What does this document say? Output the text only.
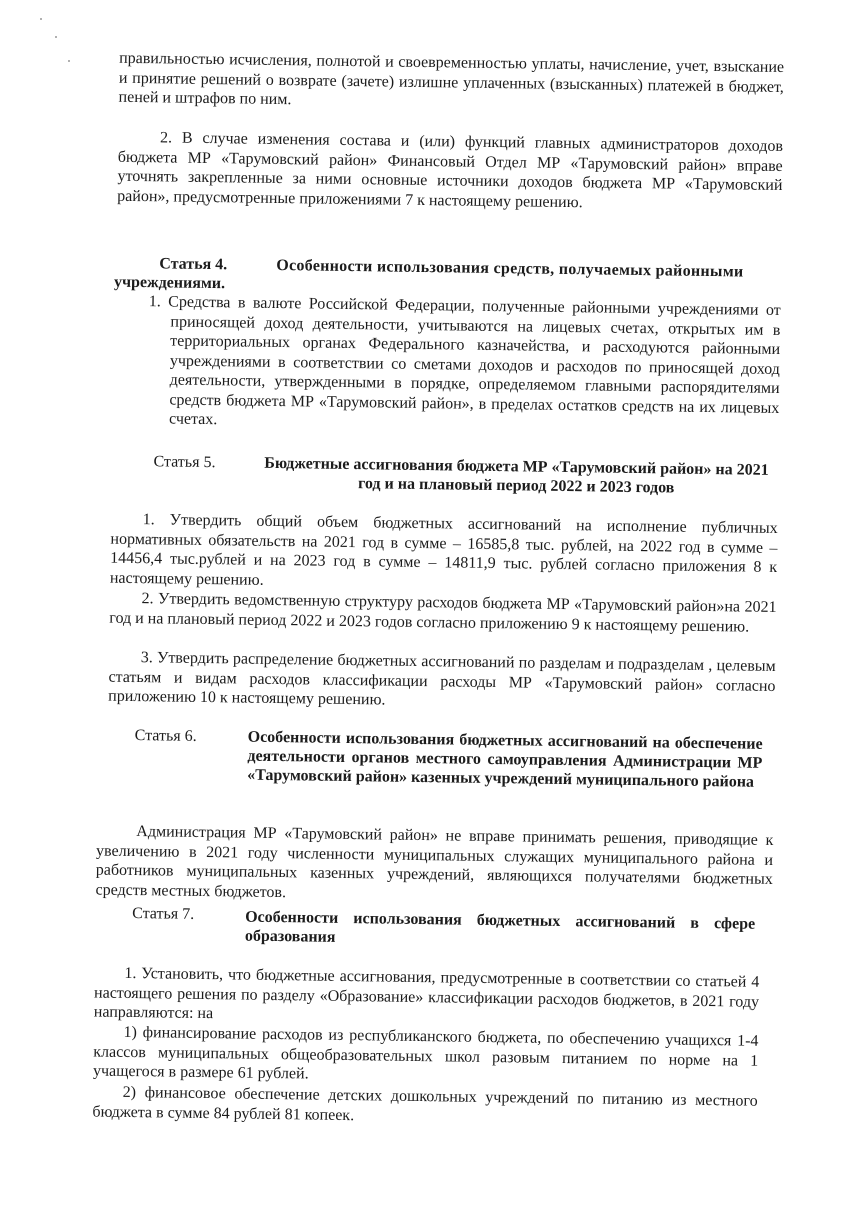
правильностью исчисления, полнотой и своевременностью уплаты, начисление, учет, взыскание и принятие решений о возврате (зачете) излишне уплаченных (взысканных) платежей в бюджет, пеней и штрафов по ним.

2. В случае изменения состава и (или) функций главных администраторов доходов бюджета МР «Тарумовский район» Финансовый Отдел МР «Тарумовский район» вправе уточнять закрепленные за ними основные источники доходов бюджета МР «Тарумовский район», предусмотренные приложениями 7 к настоящему решению.

Статья 4.	Особенности использования средств, получаемых районными
учреждениями.

1. Средства в валюте Российской Федерации, полученные районными учреждениями от приносящей доход деятельности, учитываются на лицевых счетах, открытых им в территориальных органах Федерального казначейства, и расходуются районными учреждениями в соответствии со сметами доходов и расходов по приносящей доход деятельности, утвержденными в порядке, определяемом главными распорядителями средств бюджета МР «Тарумовский район», в пределах остатков средств на их лицевых счетах.

Статья 5.	Бюджетные ассигнования бюджета МР «Тарумовский район» на 2021 год и на плановый период 2022 и 2023 годов

1. Утвердить общий объем бюджетных ассигнований на исполнение публичных нормативных обязательств на 2021 год в сумме – 16585,8 тыс. рублей, на 2022 год в сумме –14456,4 тыс.рублей и на 2023 год в сумме – 14811,9 тыс. рублей согласно приложения 8 к настоящему решению.

2. Утвердить ведомственную структуру расходов бюджета МР «Тарумовский район»на 2021 год и на плановый период 2022 и 2023 годов согласно приложению 9 к настоящему решению.

3. Утвердить распределение бюджетных ассигнований по разделам и подразделам , целевым статьям и видам расходов классификации расходы МР «Тарумовский район» согласно приложению 10 к настоящему решению.

Статья 6.	Особенности использования бюджетных ассигнований на обеспечение деятельности органов местного самоуправления Администрации МР «Тарумовский район» казенных учреждений муниципального района

Администрация МР «Тарумовский район» не вправе принимать решения, приводящие к увеличению в 2021 году численности муниципальных служащих муниципального района и работников муниципальных казенных учреждений, являющихся получателями бюджетных средств местных бюджетов.

Статья 7.	Особенности использования бюджетных ассигнований в сфере образования

1. Установить, что бюджетные ассигнования, предусмотренные в соответствии со статьей 4 настоящего решения по разделу «Образование» классификации расходов бюджетов, в 2021 году направляются: на

1) финансирование расходов из республиканского бюджета, по обеспечению учащихся 1-4 классов муниципальных общеобразовательных школ разовым питанием по норме на 1 учащегося в размере 61 рублей.

2) финансовое обеспечение детских дошкольных учреждений по питанию из местного бюджета в сумме 84 рублей 81 копеек.
